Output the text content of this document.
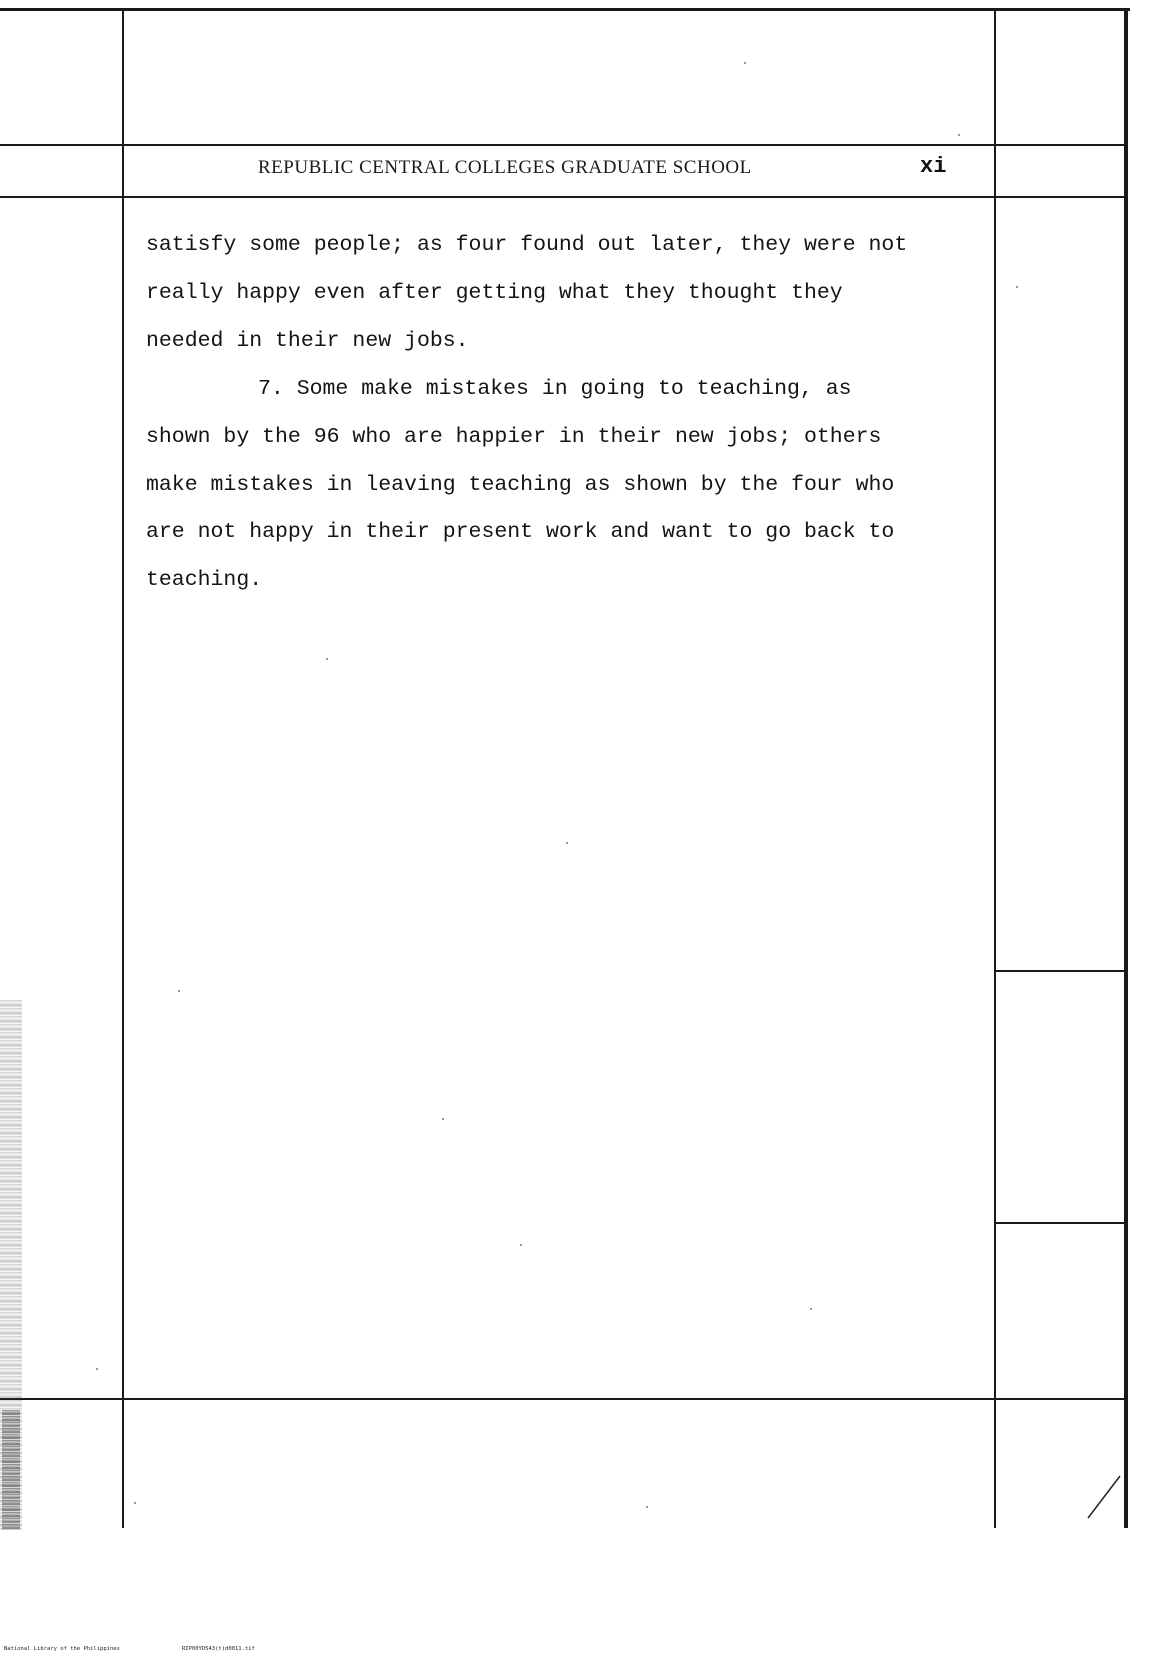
REPUBLIC CENTRAL COLLEGES GRADUATE SCHOOL	xi
satisfy some people; as four found out later, they were not
really happy even after getting what they thought they
needed in their new jobs.
7. Some make mistakes in going to teaching, as
shown by the 96 who are happier in their new jobs; others
make mistakes in leaving teaching as shown by the four who
are not happy in their present work and want to go back to
teaching.
National Library of the Philippines	RIP00YD543(t)d0011.tif
